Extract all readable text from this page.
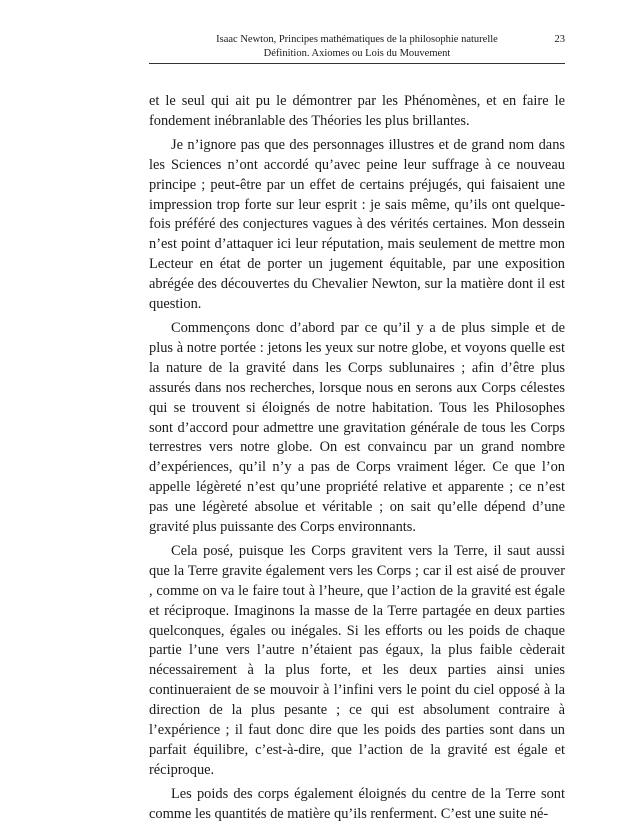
Isaac Newton, Principes mathématiques de la philosophie naturelle
Définition. Axiomes ou Lois du Mouvement
23

et le seul qui ait pu le démontrer par les Phénomènes, et en faire le fondement inébranlable des Théories les plus brillantes.

Je n’ignore pas que des personnages illustres et de grand nom dans les Sciences n’ont accordé qu’avec peine leur suffrage à ce nouveau principe ; peut-être par un effet de certains préjugés, qui faisaient une impression trop forte sur leur esprit : je sais même, qu’ils ont quelquefois préféré des conjectures vagues à des vérités certaines. Mon dessein n’est point d’attaquer ici leur réputation, mais seulement de mettre mon Lecteur en état de porter un jugement équitable, par une exposition abrégée des découvertes du Chevalier Newton, sur la matière dont il est question.

Commençons donc d’abord par ce qu’il y a de plus simple et de plus à notre portée : jetons les yeux sur notre globe, et voyons quelle est la nature de la gravité dans les Corps sublunaires ; afin d’être plus assurés dans nos recherches, lorsque nous en serons aux Corps célestes qui se trouvent si éloignés de notre habitation. Tous les Philosophes sont d’accord pour admettre une gravitation générale de tous les Corps terrestres vers notre globe. On est convaincu par un grand nombre d’expériences, qu’il n’y a pas de Corps vraiment léger. Ce que l’on appelle légèreté n’est qu’une propriété relative et apparente ; ce n’est pas une légèreté absolue et véritable ; on sait qu’elle dépend d’une gravité plus puissante des Corps environnants.

Cela posé, puisque les Corps gravitent vers la Terre, il saut aussi que la Terre gravite également vers les Corps ; car il est aisé de prouver , comme on va le faire tout à l’heure, que l’action de la gravité est égale et réciproque. Imaginons la masse de la Terre partagée en deux parties quelconques, égales ou inégales. Si les efforts ou les poids de chaque partie l’une vers l’autre n’étaient pas égaux, la plus faible cèderait nécessairement à la plus forte, et les deux parties ainsi unies continueraient de se mouvoir à l’infini vers le point du ciel opposé à la direction de la plus pesante ; ce qui est absolument contraire à l’expérience ; il faut donc dire que les poids des parties sont dans un parfait équilibre, c’est-à-dire, que l’action de la gravité est égale et réciproque.

Les poids des corps également éloignés du centre de la Terre sont comme les quantités de matière qu’ils renferment. C’est une suite né-
